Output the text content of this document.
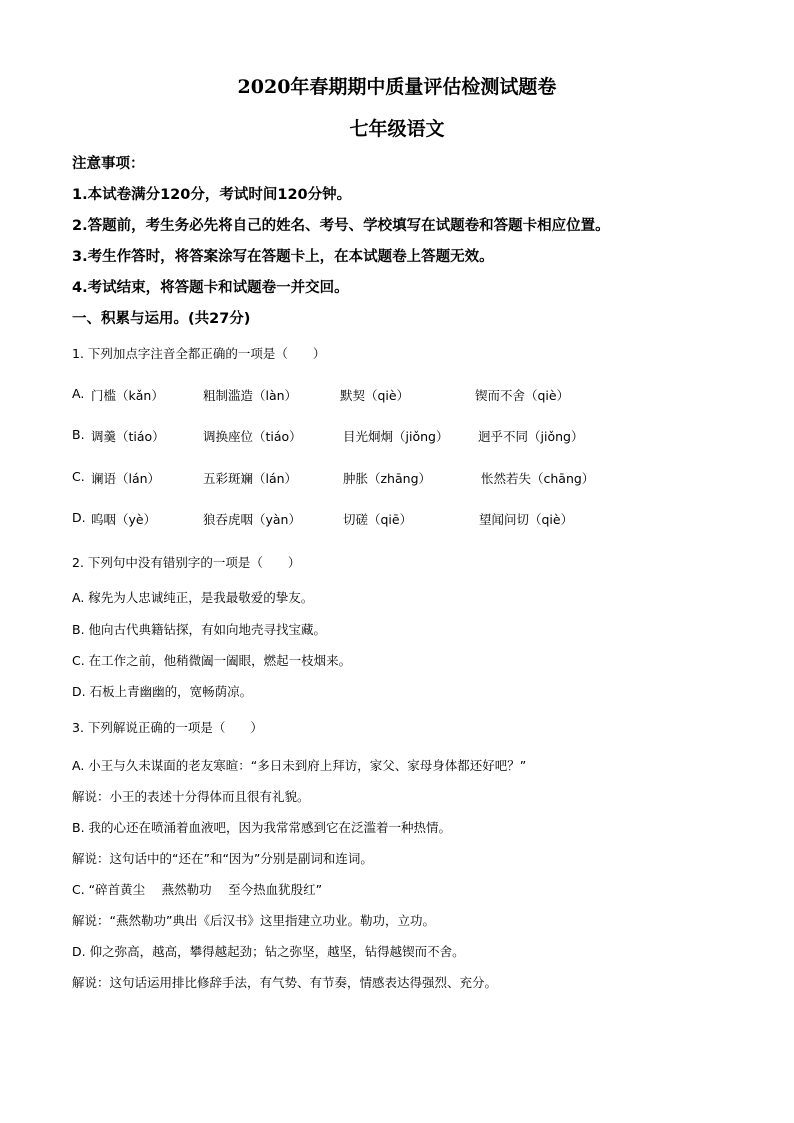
2020年春期期中质量评估检测试题卷
七年级语文
注意事项：
1.本试卷满分120分，考试时间120分钟。
2.答题前，考生务必先将自己的姓名、考号、学校填写在试题卷和答题卡相应位置。
3.考生作答时，将答案涂写在答题卡上，在本试题卷上答题无效。
4.考试结束，将答题卡和试题卷一并交回。
一、积累与运用。(共27分)
1. 下列加点字注音全都正确的一项是（　　）
A. 门槛（kǎn）	粗制滥造（làn）	默契（qiè）	锲而不舍（qiè）
B. 调羹（tiáo）	调换座位（tiáo）	目光炯炯（jiǒng） 迥乎不同（jiǒng）
C. 谰语（lán）	五彩斑斓（lán）	肿胀（zhāng）	怅然若失（chāng）
D. 呜咽（yè）	狼吞虎咽（yàn）	切磋（qiē）	望闻问切（qiè）
2. 下列句中没有错别字的一项是（　　）
A. 稼先为人忠诚纯正，是我最敬爱的挚友。
B. 他向古代典籍钻探，有如向地壳寻找宝藏。
C. 在工作之前，他稍微阖一阖眼，燃起一枝烟来。
D. 石板上青幽幽的，宽畅荫凉。
3. 下列解说正确的一项是（　　）
A. 小王与久未谋面的老友寒暄：“多日未到府上拜访，家父、家母身体都还好吧？”
解说：小王的表述十分得体而且很有礼貌。
B. 我的心还在喷涌着血液吧，因为我常常感到它在泛滥着一种热情。
解说：这句话中的“还在”和“因为”分别是副词和连词。
C. “碎首黄尘　 燕然勒功　 至今热血犹殷红”
解说：“燕然勒功”典出《后汉书》这里指建立功业。勒功，立功。
D. 仰之弥高，越高，攀得越起劲；钻之弥坚，越坚，钻得越锲而不舍。
解说：这句话运用排比修辞手法，有气势、有节奏，情感表达得强烈、充分。
